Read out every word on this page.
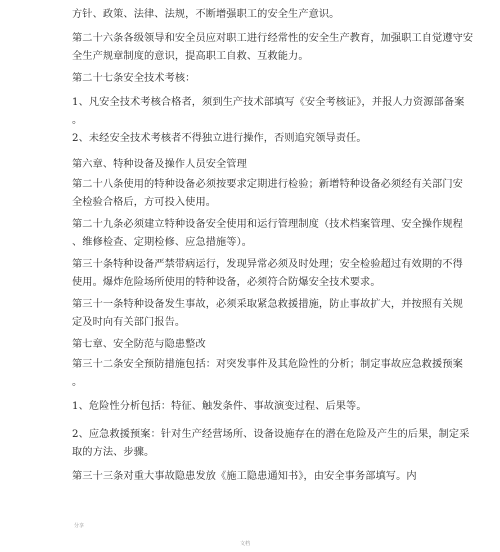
方针、政策、法律、法规，不断增强职工的安全生产意识。
第二十六条各级领导和安全员应对职工进行经常性的安全生产教育，加强职工自觉遵守安
全生产规章制度的意识，提高职工自救、互救能力。
第二十七条安全技术考核：
1、凡安全技术考核合格者，须到生产技术部填写《安全考核证》，并报人力资源部备案
。
2、未经安全技术考核者不得独立进行操作，否则追究领导责任。
第六章、特种设备及操作人员安全管理
第二十八条使用的特种设备必须按要求定期进行检验；新增特种设备必须经有关部门安
全检验合格后，方可投入使用。
第二十九条必须建立特种设备安全使用和运行管理制度（技术档案管理、安全操作规程
、维修检查、定期检修、应急措施等）。
第三十条特种设备严禁带病运行，发现异常必须及时处理；安全检验超过有效期的不得
使用。爆炸危险场所使用的特种设备，必须符合防爆安全技术要求。
第三十一条特种设备发生事故，必须采取紧急救援措施，防止事故扩大，并按照有关规
定及时向有关部门报告。
第七章、安全防范与隐患整改
第三十二条安全预防措施包括：对突发事件及其危险性的分析；制定事故应急救援预案
。
1、危险性分析包括：特征、触发条件、事故演变过程、后果等。
2、应急救援预案：针对生产经营场所、设备设施存在的潜在危险及产生的后果，制定采
取的方法、步骤。
第三十三条对重大事故隐患发放《施工隐患通知书》，由安全事务部填写。内
分享
文档
